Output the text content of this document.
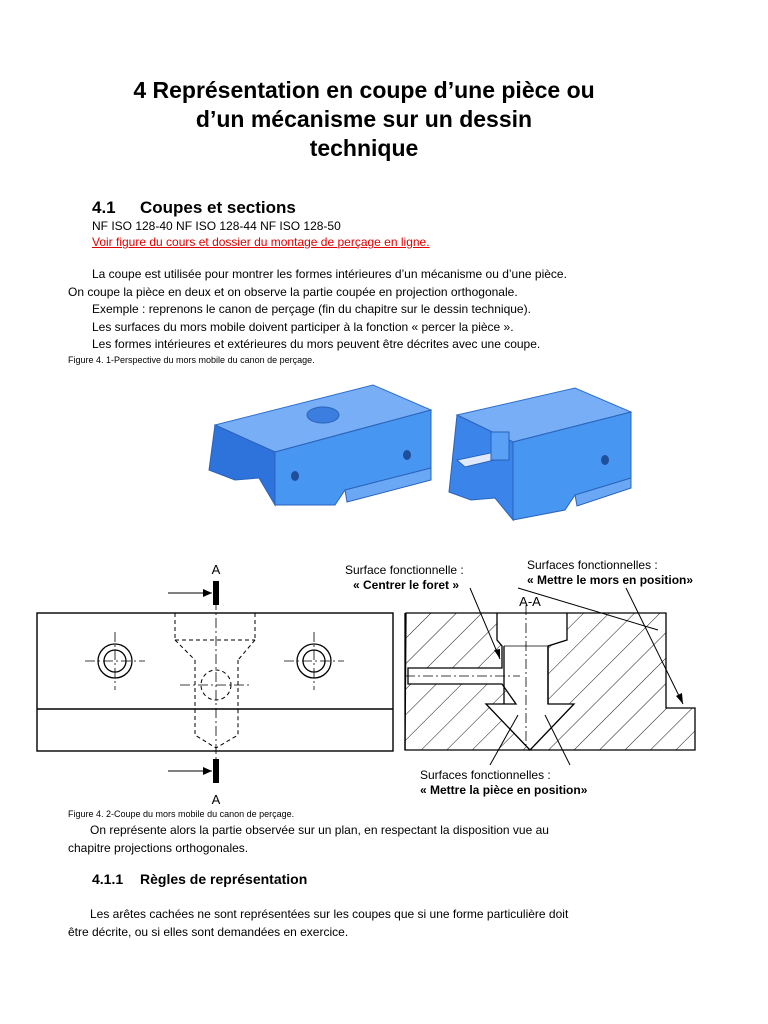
4 Représentation en coupe d’une pièce ou
d’un mécanisme sur un dessin
technique
4.1 Coupes et sections
NF ISO 128-40 NF ISO 128-44 NF ISO 128-50
Voir figure du cours et dossier du montage de perçage en ligne.
La coupe est utilisée pour montrer les formes intérieures d’un mécanisme ou d’une pièce.
On coupe la pièce en deux et on observe la partie coupée en projection orthogonale.
Exemple : reprenons le canon de perçage (fin du chapitre sur le dessin technique).
Les surfaces du mors mobile doivent participer à la fonction « percer la pièce ».
Les formes intérieures et extérieures du mors peuvent être décrites avec une coupe.
Figure 4. 1-Perspective du mors mobile du canon de perçage.
A
A
A-A
Surface fonctionnelle :
« Centrer le foret »
Surfaces fonctionnelles :
« Mettre le mors en position»
Surfaces fonctionnelles :
« Mettre la pièce en position»
Figure 4. 2-Coupe du mors mobile du canon de perçage.
On représente alors la partie observée sur un plan, en respectant la disposition vue au
chapitre projections orthogonales.
4.1.1 Règles de représentation
Les arêtes cachées ne sont représentées sur les coupes que si une forme particulière doit
être décrite, ou si elles sont demandées en exercice.
